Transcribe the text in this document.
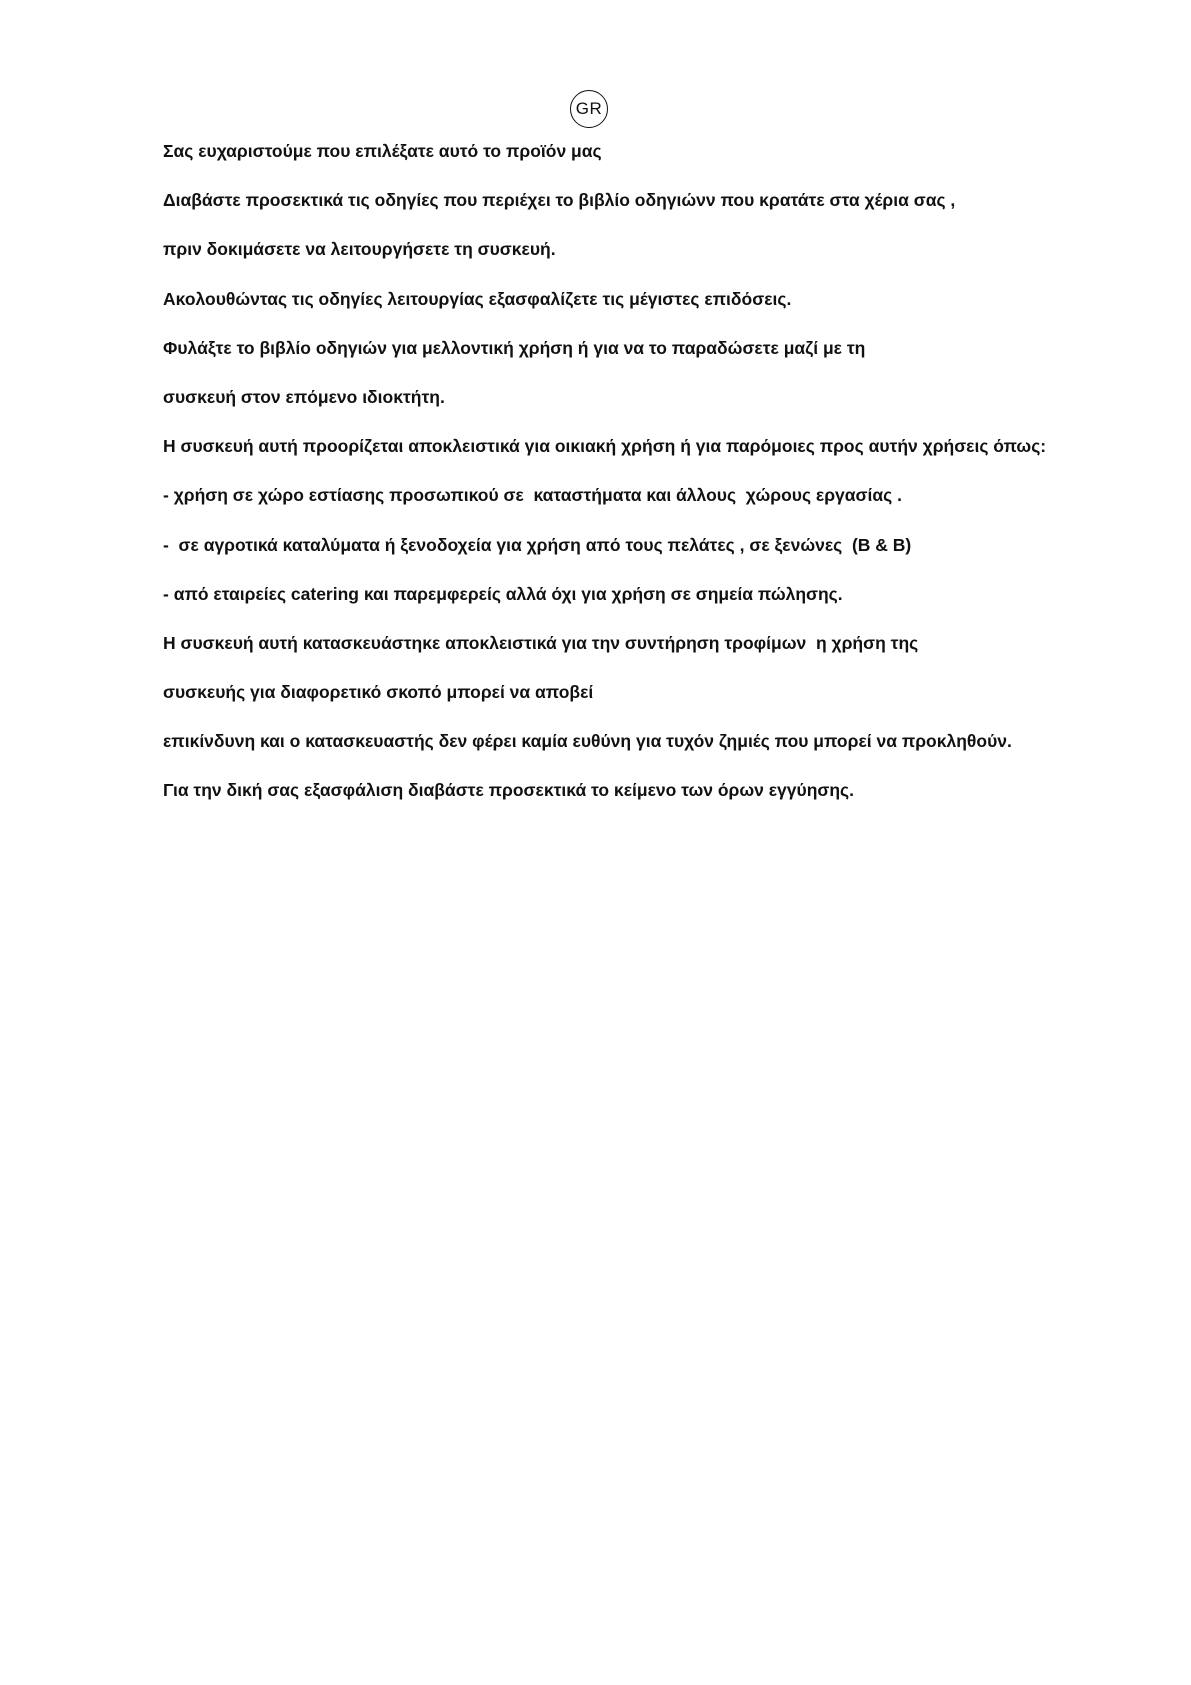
GR
Σας ευχαριστούμε που επιλέξατε αυτό το προϊόν μας
Διαβάστε προσεκτικά τις οδηγίες που περιέχει το βιβλίο οδηγιώνν που κρατάτε στα χέρια σας ,
πριν δοκιμάσετε να λειτουργήσετε τη συσκευή.
Ακολουθώντας τις οδηγίες λειτουργίας εξασφαλίζετε τις μέγιστες επιδόσεις.
Φυλάξτε το βιβλίο οδηγιών για μελλοντική χρήση ή για να το παραδώσετε μαζί με τη
συσκευή στον επόμενο ιδιοκτήτη.
Η συσκευή αυτή προορίζεται αποκλειστικά για οικιακή χρήση ή για παρόμοιες προς αυτήν χρήσεις όπως:
- χρήση σε χώρο εστίασης προσωπικού σε  καταστήματα και άλλους  χώρους εργασίας .
-  σε αγροτικά καταλύματα ή ξενοδοχεία για χρήση από τους πελάτες , σε ξενώνες  (B & B)
- από εταιρείες catering και παρεμφερείς αλλά όχι για χρήση σε σημεία πώλησης.
Η συσκευή αυτή κατασκευάστηκε αποκλειστικά για την συντήρηση τροφίμων  η χρήση της
συσκευής για διαφορετικό σκοπό μπορεί να αποβεί
επικίνδυνη και ο κατασκευαστής δεν φέρει καμία ευθύνη για τυχόν ζημιές που μπορεί να προκληθούν.
Για την δική σας εξασφάλιση διαβάστε προσεκτικά το κείμενο των όρων εγγύησης.
